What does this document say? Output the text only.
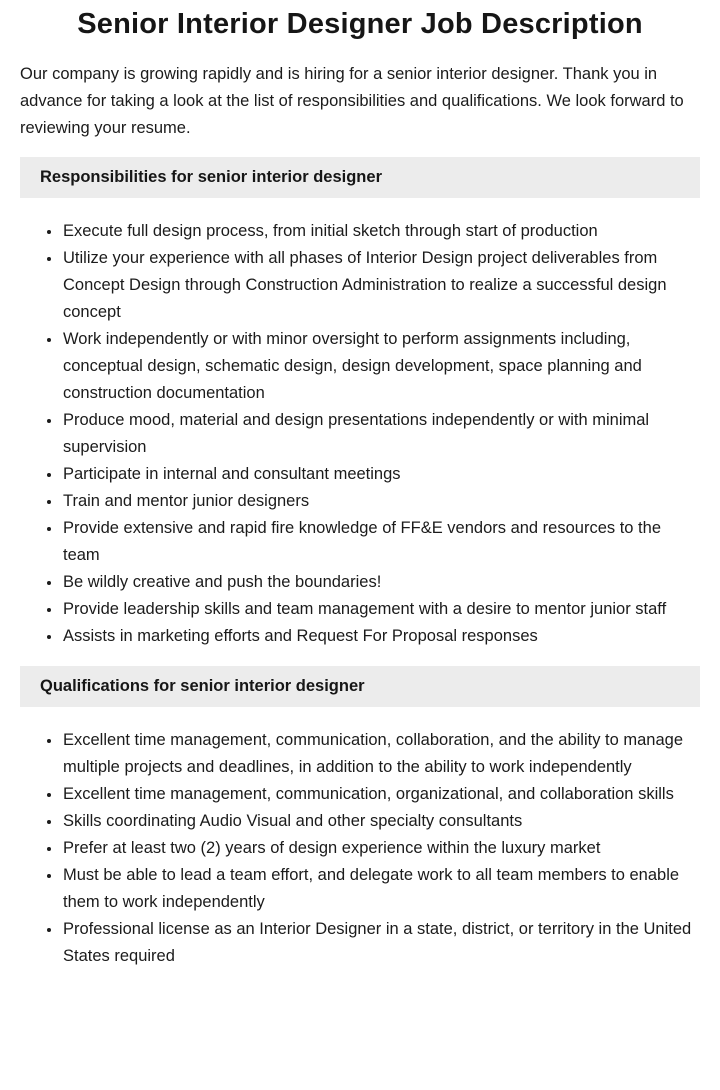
Senior Interior Designer Job Description

Our company is growing rapidly and is hiring for a senior interior designer. Thank you in advance for taking a look at the list of responsibilities and qualifications. We look forward to reviewing your resume.

Responsibilities for senior interior designer
• Execute full design process, from initial sketch through start of production
• Utilize your experience with all phases of Interior Design project deliverables from Concept Design through Construction Administration to realize a successful design concept
• Work independently or with minor oversight to perform assignments including, conceptual design, schematic design, design development, space planning and construction documentation
• Produce mood, material and design presentations independently or with minimal supervision
• Participate in internal and consultant meetings
• Train and mentor junior designers
• Provide extensive and rapid fire knowledge of FF&E vendors and resources to the team
• Be wildly creative and push the boundaries!
• Provide leadership skills and team management with a desire to mentor junior staff
• Assists in marketing efforts and Request For Proposal responses
Qualifications for senior interior designer
• Excellent time management, communication, collaboration, and the ability to manage multiple projects and deadlines, in addition to the ability to work independently
• Excellent time management, communication, organizational, and collaboration skills
• Skills coordinating Audio Visual and other specialty consultants
• Prefer at least two (2) years of design experience within the luxury market
• Must be able to lead a team effort, and delegate work to all team members to enable them to work independently
• Professional license as an Interior Designer in a state, district, or territory in the United States required
